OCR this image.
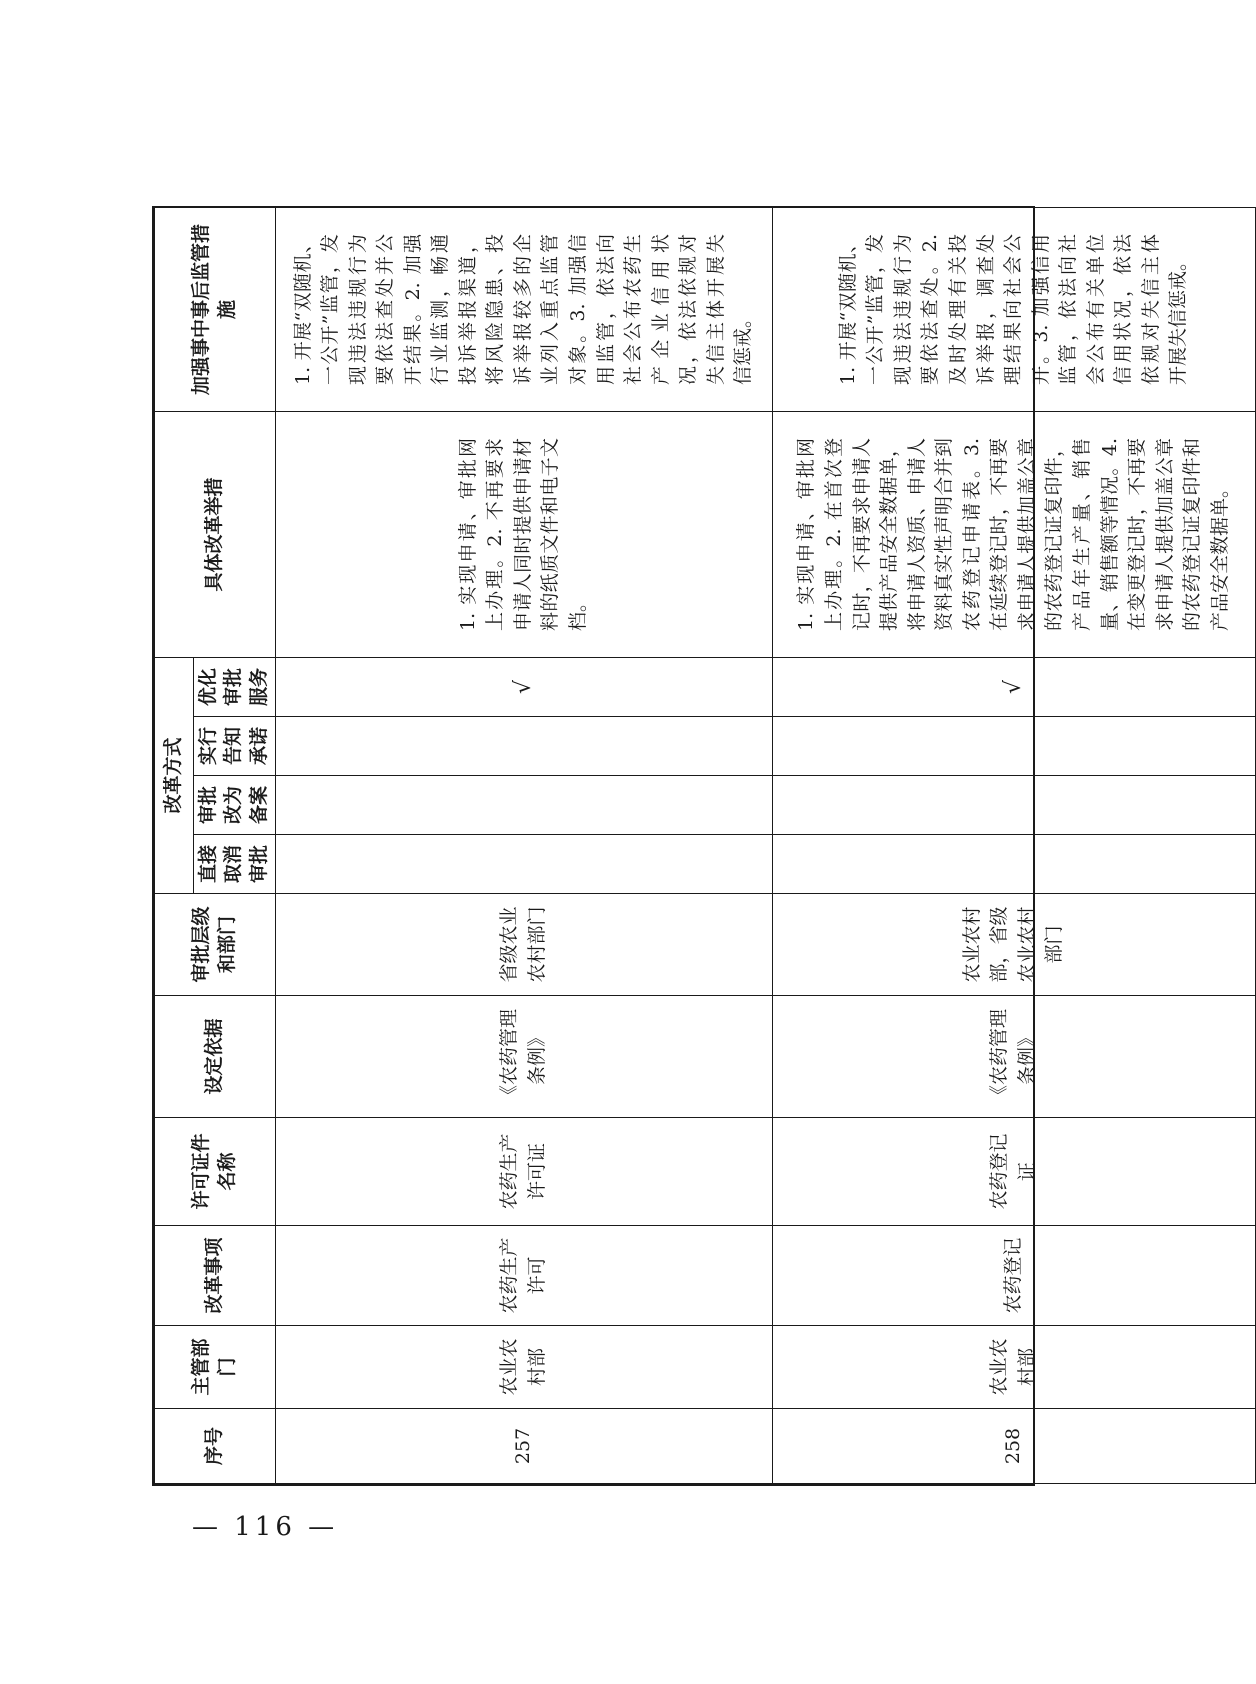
序号	主管部门	改革事项	许可证件名称	设定依据	审批层级和部门	改革方式				具体改革举措	加强事中事后监管措施

						直接取消审批	审批改为备案	实行告知承诺	优化审批服务		

257	农业农村部	农药生产许可	农药生产许可证	《农药管理条例》	省级农业农村部门				√	1. 实现申请、审批网上办理。2. 不再要求申请人同时提供申请材料的纸质文件和电子文档。	1. 开展“双随机、一公开”监管，发现违法违规行为要依法查处并公开结果。2. 加强行业监测，畅通投诉举报渠道，将风险隐患、投诉举报较多的企业列入重点监管对象。3. 加强信用监管，依法向社会公布农药生产企业信用状况，依法依规对失信主体开展失信惩戒。

258	农业农村部	农药登记	农药登记证	《农药管理条例》	农业农村部，省级农业农村部门				√	1. 实现申请、审批网上办理。2. 在首次登记时，不再要求申请人提供产品安全数据单，将申请人资质、申请人资料真实性声明合并到农药登记申请表。3. 在延续登记时，不再要求申请人提供加盖公章的农药登记证复印件，产品年生产量、销售量、销售额等情况。4. 在变更登记时，不再要求申请人提供加盖公章的农药登记证复印件和产品安全数据单。	1. 开展“双随机、一公开”监管，发现违法违规行为要依法查处。2. 及时处理有关投诉举报，调查处理结果向社会公开。3. 加强信用监管，依法向社会公布有关单位信用状况，依法依规对失信主体开展失信惩戒。
— 116 —
